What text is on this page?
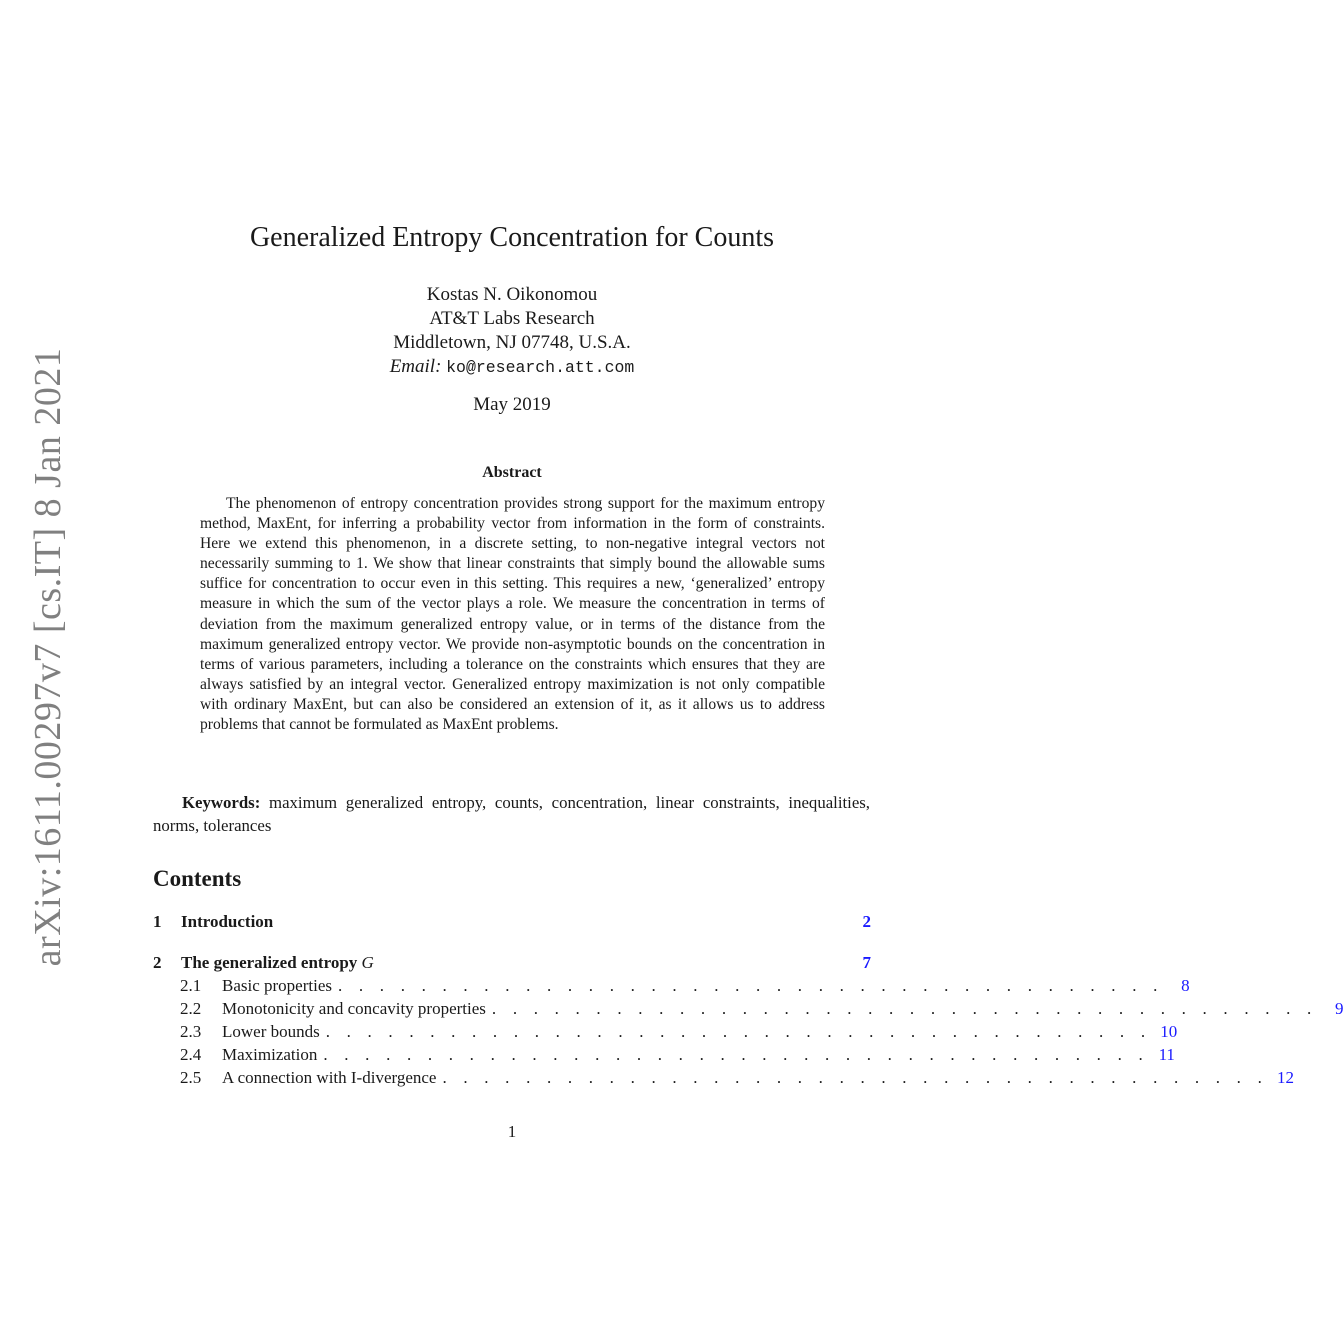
arXiv:1611.00297v7 [cs.IT] 8 Jan 2021
Generalized Entropy Concentration for Counts
Kostas N. Oikonomou
AT&T Labs Research
Middletown, NJ 07748, U.S.A.
Email: ko@research.att.com
May 2019
Abstract
The phenomenon of entropy concentration provides strong support for the maximum entropy method, MaxEnt, for inferring a probability vector from information in the form of constraints. Here we extend this phenomenon, in a discrete setting, to non-negative integral vectors not necessarily summing to 1. We show that linear constraints that simply bound the allowable sums suffice for concentration to occur even in this setting. This requires a new, ‘generalized’ entropy measure in which the sum of the vector plays a role. We measure the concentration in terms of deviation from the maximum generalized entropy value, or in terms of the distance from the maximum generalized entropy vector. We provide non-asymptotic bounds on the concentration in terms of various parameters, including a tolerance on the constraints which ensures that they are always satisfied by an integral vector. Generalized entropy maximization is not only compatible with ordinary MaxEnt, but can also be considered an extension of it, as it allows us to address problems that cannot be formulated as MaxEnt problems.
Keywords: maximum generalized entropy, counts, concentration, linear constraints, inequalities, norms, tolerances
Contents
1	Introduction	2
2	The generalized entropy G	7
2.1	Basic properties . . . . . . . . . . . . . . . . . . . . . . . . . . . . . . . . . . . . . . . .	8
2.2	Monotonicity and concavity properties . . . . . . . . . . . . . . . . . . . . . . . . . . . . . . . . . . . . . . . .	9
2.3	Lower bounds . . . . . . . . . . . . . . . . . . . . . . . . . . . . . . . . . . . . . . . . 10
2.4	Maximization . . . . . . . . . . . . . . . . . . . . . . . . . . . . . . . . . . . . . . . . 11
2.5	A connection with I-divergence . . . . . . . . . . . . . . . . . . . . . . . . . . . . . . . . . . . . . . . . 12
1
